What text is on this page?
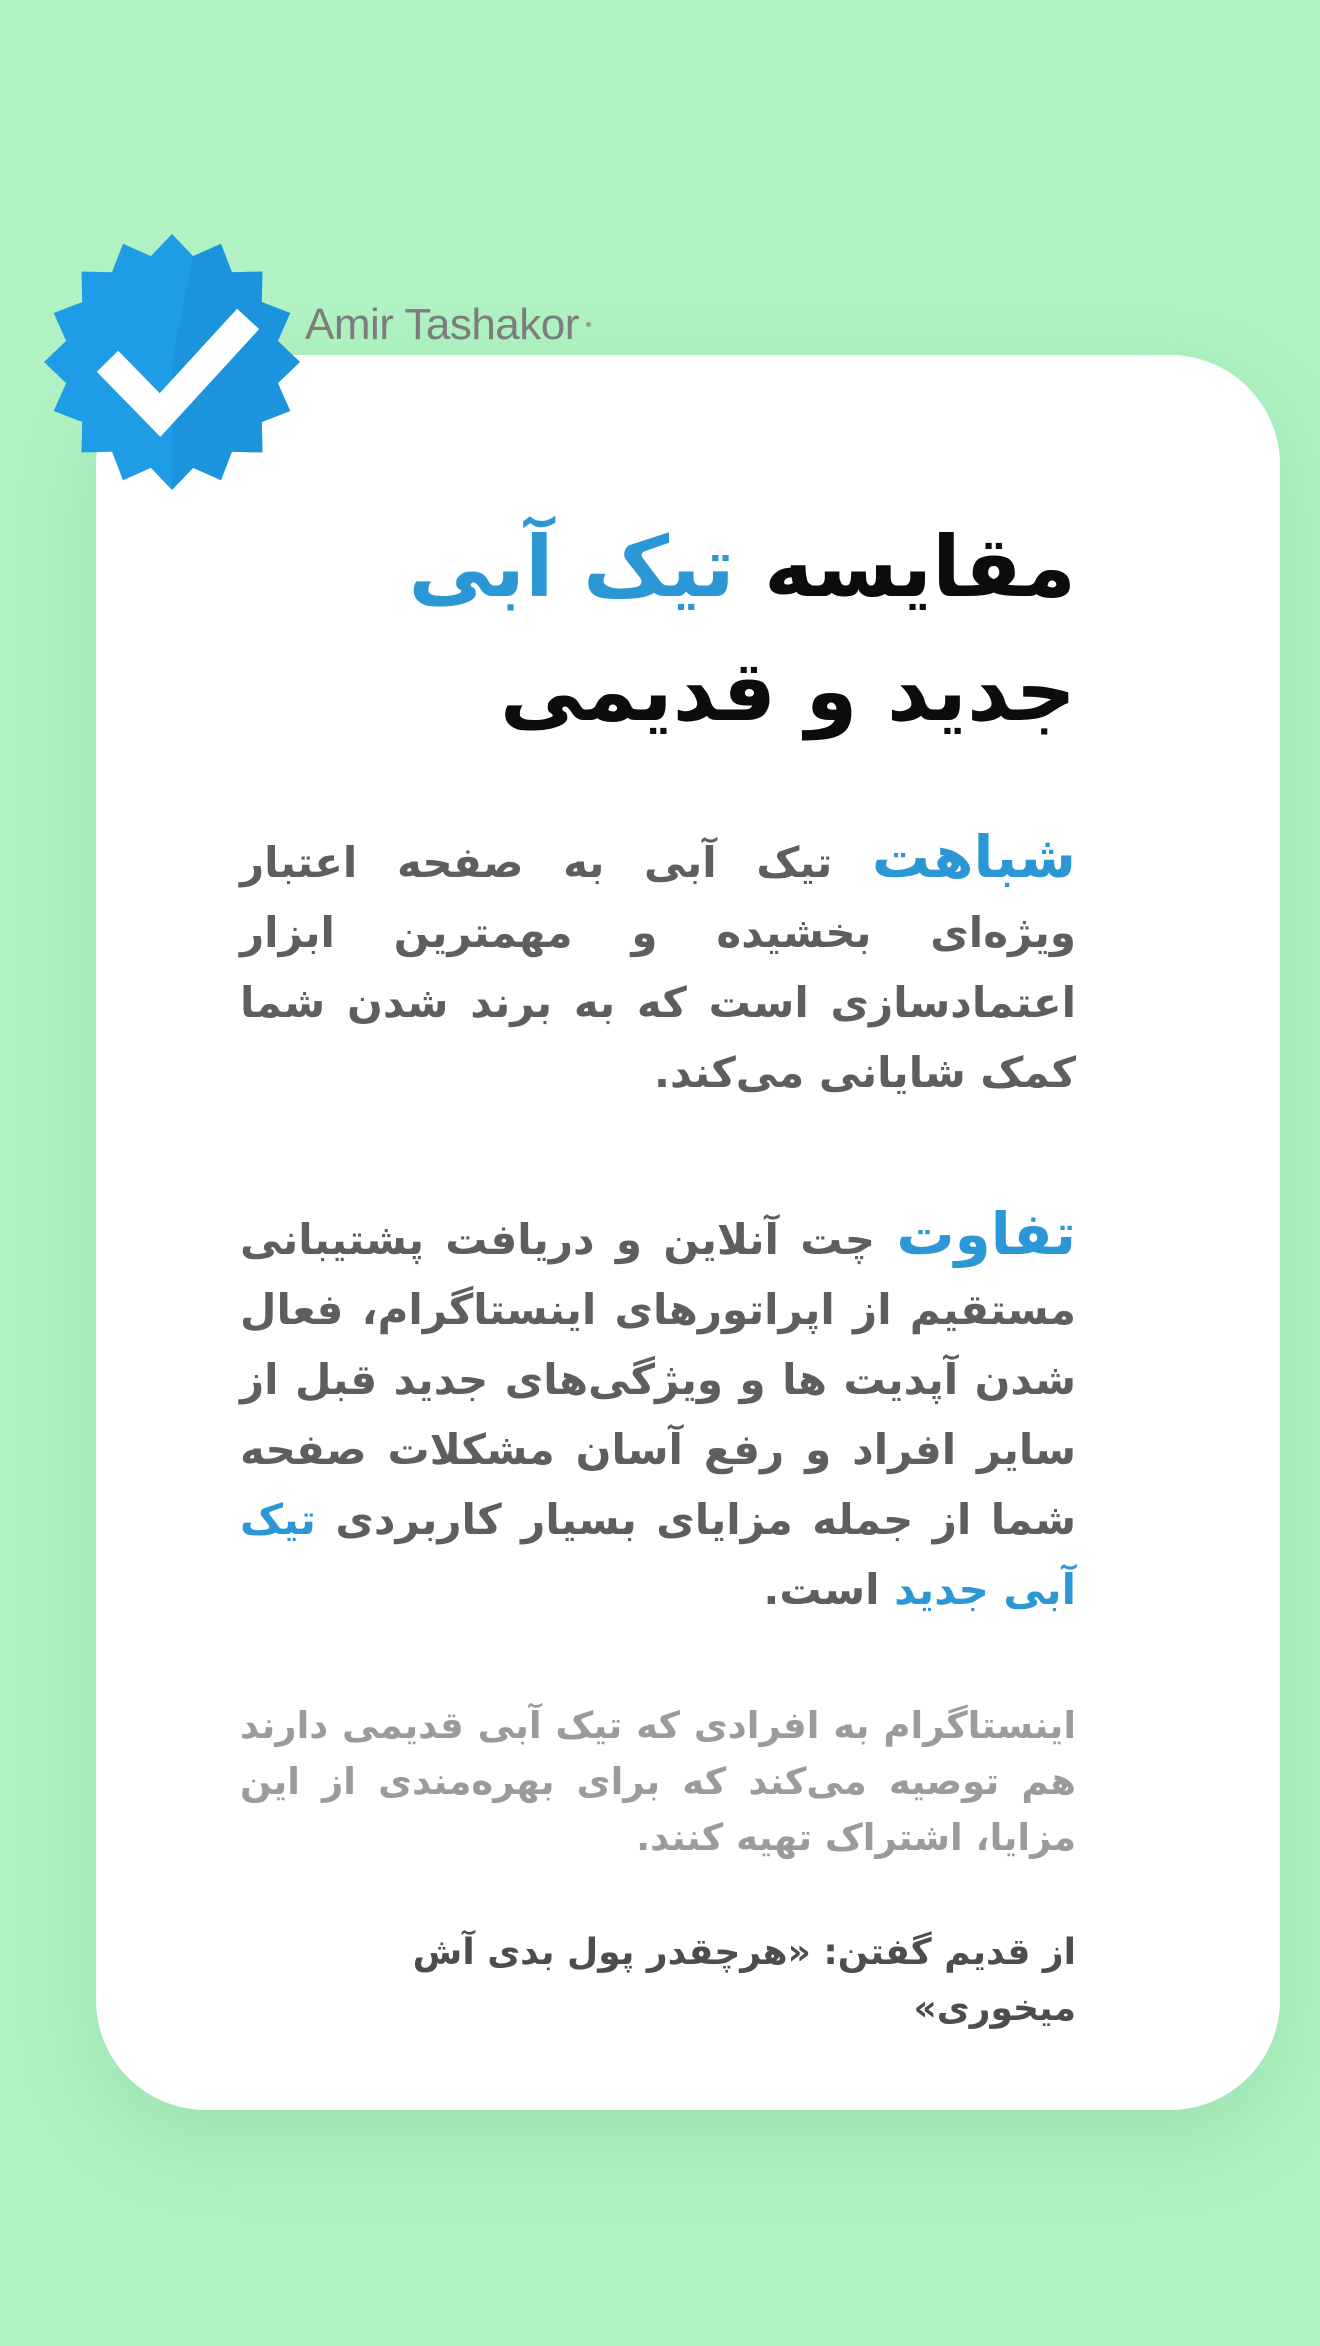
Amir Tashakor
مقایسه تیک آبی
جدید و قدیمی
شباهت تیک آبی به صفحه اعتبار ویژه‌ای بخشیده و مهمترین ابزار اعتمادسازی است که به برند شدن شما کمک شایانی می‌کند.
تفاوت چت آنلاین و دریافت پشتیبانی مستقیم از اپراتورهای اینستاگرام، فعال شدن آپدیت ها و ویژگی‌های جدید قبل از سایر افراد و رفع آسان مشکلات صفحه شما از جمله مزایای بسیار کاربردی تیک آبی جدید است.
اینستاگرام به افرادی که تیک آبی قدیمی دارند هم توصیه می‌کند که برای بهره‌مندی از این مزایا، اشتراک تهیه کنند.
از قدیم گفتن: «هرچقدر پول بدی آش میخوری»
